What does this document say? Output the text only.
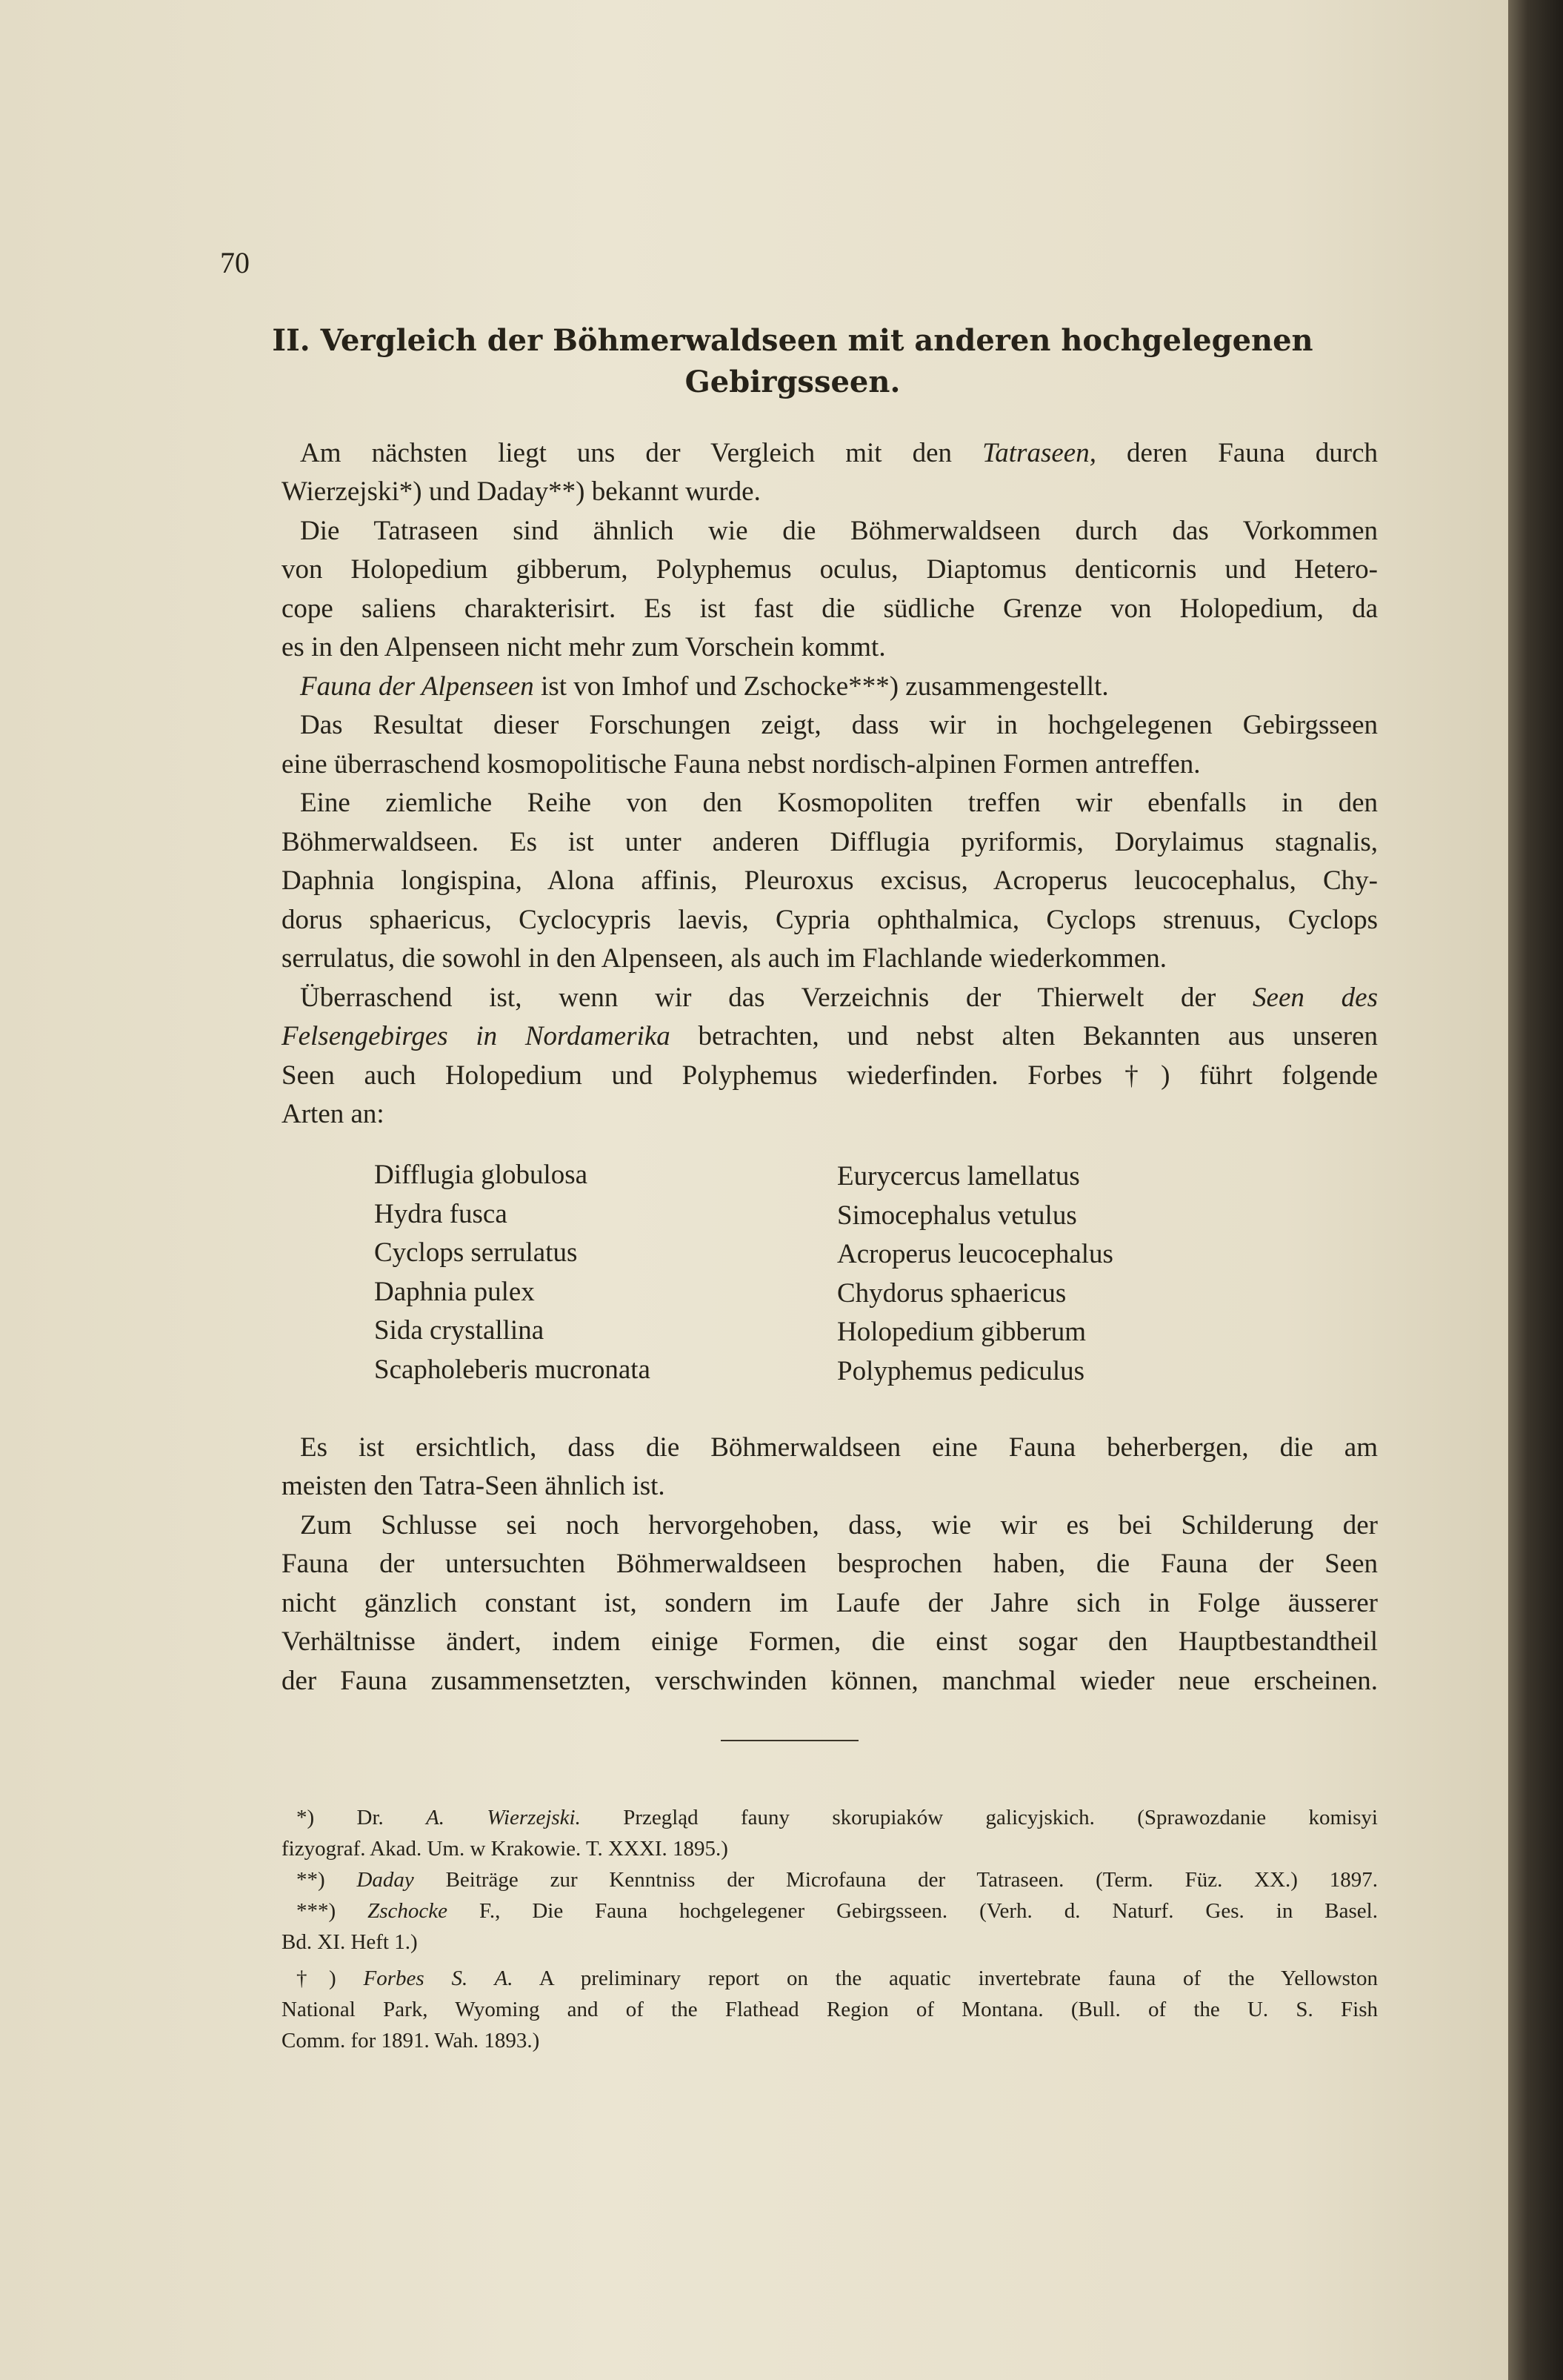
70
II. Vergleich der Böhmerwaldseen mit anderen hochgelegenen
Gebirgsseen.
Am nächsten liegt uns der Vergleich mit den Tatraseen, deren Fauna durch
Wierzejski*) und Daday**) bekannt wurde.
Die Tatraseen sind ähnlich wie die Böhmerwaldseen durch das Vorkommen
von Holopedium gibberum, Polyphemus oculus, Diaptomus denticornis und Hetero-
cope saliens charakterisirt. Es ist fast die südliche Grenze von Holopedium, da
es in den Alpenseen nicht mehr zum Vorschein kommt.
Fauna der Alpenseen ist von Imhof und Zschocke***) zusammengestellt.
Das Resultat dieser Forschungen zeigt, dass wir in hochgelegenen Gebirgsseen
eine überraschend kosmopolitische Fauna nebst nordisch-alpinen Formen antreffen.
Eine ziemliche Reihe von den Kosmopoliten treffen wir ebenfalls in den
Böhmerwaldseen. Es ist unter anderen Difflugia pyriformis, Dorylaimus stagnalis,
Daphnia longispina, Alona affinis, Pleuroxus excisus, Acroperus leucocephalus, Chy-
dorus sphaericus, Cyclocypris laevis, Cypria ophthalmica, Cyclops strenuus, Cyclops
serrulatus, die sowohl in den Alpenseen, als auch im Flachlande wiederkommen.
Überraschend ist, wenn wir das Verzeichnis der Thierwelt der Seen des
Felsengebirges in Nordamerika betrachten, und nebst alten Bekannten aus unseren
Seen auch Holopedium und Polyphemus wiederfinden. Forbes†) führt folgende
Arten an:
Difflugia globulosa
Hydra fusca
Cyclops serrulatus
Daphnia pulex
Sida crystallina
Scapholeberis mucronata
Eurycercus lamellatus
Simocephalus vetulus
Acroperus leucocephalus
Chydorus sphaericus
Holopedium gibberum
Polyphemus pediculus
Es ist ersichtlich, dass die Böhmerwaldseen eine Fauna beherbergen, die am
meisten den Tatra-Seen ähnlich ist.
Zum Schlusse sei noch hervorgehoben, dass, wie wir es bei Schilderung der
Fauna der untersuchten Böhmerwaldseen besprochen haben, die Fauna der Seen
nicht gänzlich constant ist, sondern im Laufe der Jahre sich in Folge äusserer
Verhältnisse ändert, indem einige Formen, die einst sogar den Hauptbestandtheil
der Fauna zusammensetzten, verschwinden können, manchmal wieder neue erscheinen.
*) Dr. A. Wierzejski. Przegląd fauny skorupiaków galicyjskich. (Sprawozdanie komisyi
fizyograf. Akad. Um. w Krakowie. T. XXXI. 1895.)
**) Daday Beiträge zur Kenntniss der Microfauna der Tatraseen. (Term. Füz. XX.) 1897.
***) Zschocke F., Die Fauna hochgelegener Gebirgsseen. (Verh. d. Naturf. Ges. in Basel.
Bd. XI. Heft 1.)
†) Forbes S. A. A preliminary report on the aquatic invertebrate fauna of the Yellowston
National Park, Wyoming and of the Flathead Region of Montana. (Bull. of the U. S. Fish
Comm. for 1891. Wah. 1893.)
